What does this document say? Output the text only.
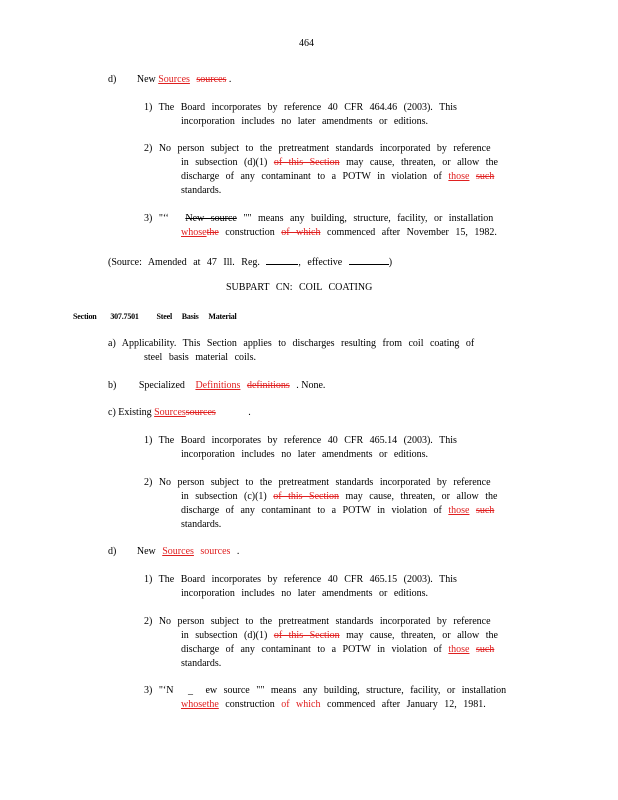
464
d) New Sources sources .
1) The Board incorporates by reference 40 CFR 464.46 (2003). This
incorporation includes no later amendments or editions.
2) No person subject to the pretreatment standards incorporated by reference
in subsection (d)(1) of this Section may cause, threaten, or allow the
discharge of any contaminant to a POTW in violation of those such
standards.
3) "‘‘ New source "" means any building, structure, facility, or installation
whosethe construction of which commenced after November 15, 1982.
(Source: Amended at 47 Ill. Reg.	, effective	)
SUBPART CN: COIL COATING
Section 307.7501 Steel Basis Material
a) Applicability. This Section applies to discharges resulting from coil coating of
steel basis material coils.
b) Specialized Definitions definitions . None.
c) Existing Sourcessources	.
1) The Board incorporates by reference 40 CFR 465.14 (2003). This
incorporation includes no later amendments or editions.
2) No person subject to the pretreatment standards incorporated by reference
in subsection (c)(1) of this Section may cause, threaten, or allow the
discharge of any contaminant to a POTW in violation of those such
standards.
d) New Sources sources .
1) The Board incorporates by reference 40 CFR 465.15 (2003). This
incorporation includes no later amendments or editions.
2) No person subject to the pretreatment standards incorporated by reference
in subsection (d)(1) of this Section may cause, threaten, or allow the
discharge of any contaminant to a POTW in violation of those such
standards.
3) "‘N _ ew source "" means any building, structure, facility, or installation
whosethe construction of which commenced after January 12, 1981.
